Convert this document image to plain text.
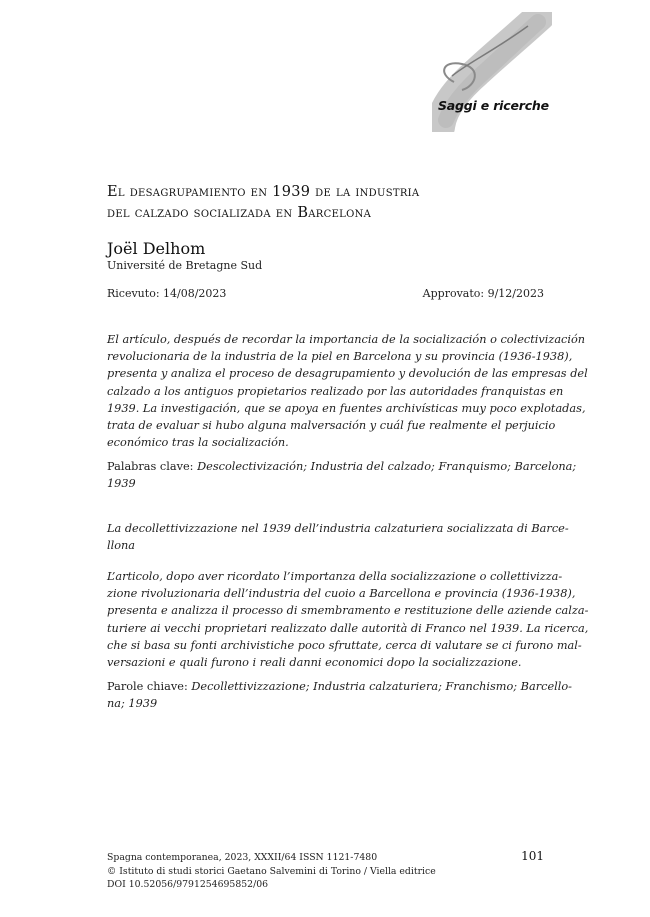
Saggi e ricerche
El desagrupamiento en 1939 de la industria
del calzado socializada en Barcelona
Joël Delhom
Université de Bretagne Sud
Ricevuto: 14/08/2023	Approvato: 9/12/2023
El artículo, después de recordar la importancia de la socialización o colectivización
revolucionaria de la industria de la piel en Barcelona y su provincia (1936-1938),
presenta y analiza el proceso de desagrupamiento y devolución de las empresas del
calzado a los antiguos propietarios realizado por las autoridades franquistas en
1939. La investigación, que se apoya en fuentes archivísticas muy poco explotadas,
trata de evaluar si hubo alguna malversación y cuál fue realmente el perjuicio
económico tras la socialización.
Palabras clave: Descolectivización; Industria del calzado; Franquismo; Barcelona;
1939
La decollettivizzazione nel 1939 dell’industria calzaturiera socializzata di Barce-
llona
L’articolo, dopo aver ricordato l’importanza della socializzazione o collettivizza-
zione rivoluzionaria dell’industria del cuoio a Barcellona e provincia (1936-1938),
presenta e analizza il processo di smembramento e restituzione delle aziende calza-
turiere ai vecchi proprietari realizzato dalle autorità di Franco nel 1939. La ricerca,
che si basa su fonti archivistiche poco sfruttate, cerca di valutare se ci furono mal-
versazioni e quali furono i reali danni economici dopo la socializzazione.
Parole chiave: Decollettivizzazione; Industria calzaturiera; Franchismo; Barcello-
na; 1939
Spagna contemporanea, 2023, XXXII/64 ISSN 1121-7480
© Istituto di studi storici Gaetano Salvemini di Torino / Viella editrice
DOI 10.52056/9791254695852/06
101
